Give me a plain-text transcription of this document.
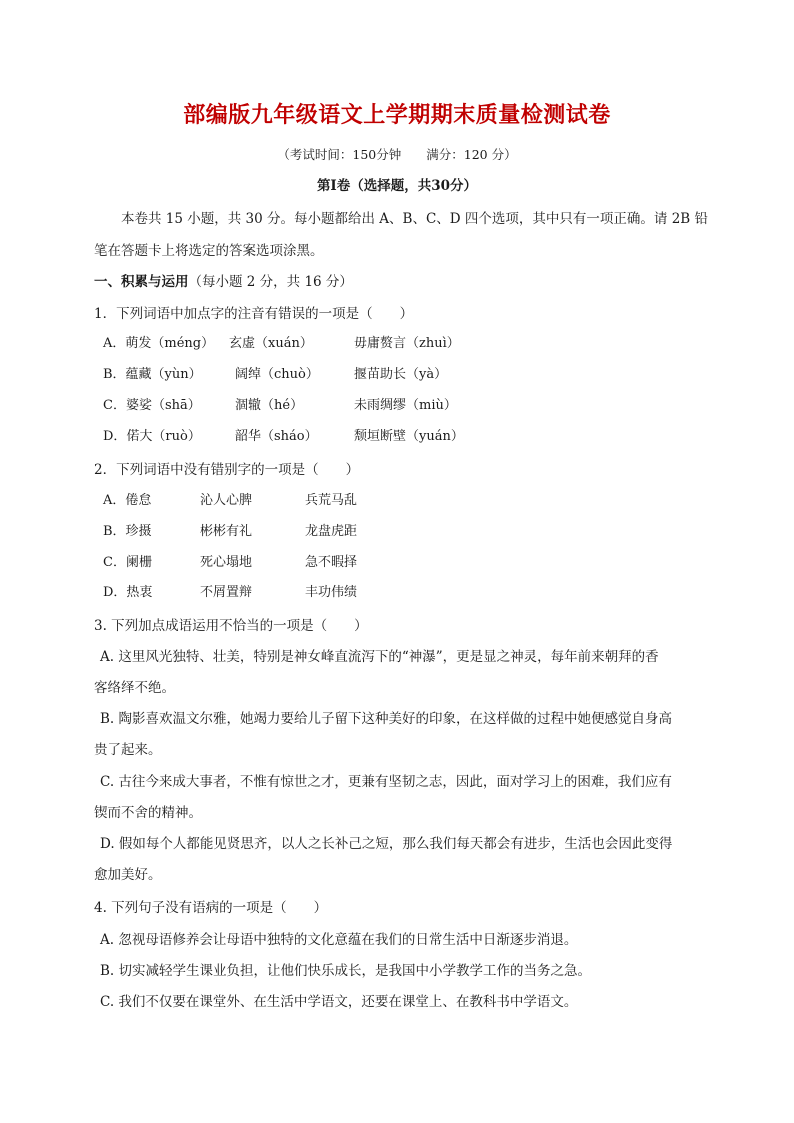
部编版九年级语文上学期期末质量检测试卷
（考试时间：150分钟　　满分：120 分）
第Ⅰ卷（选择题，共30分）
本卷共 15 小题，共 30 分。每小题都给出 A、B、C、D 四个选项，其中只有一项正确。请 2B 铅
笔在答题卡上将选定的答案选项涂黑。
一、积累与运用（每小题 2 分，共 16 分）
1．下列词语中加点字的注音有错误的一项是（　　）
A．萌发（méng） 玄虚（xuán）	毋庸赘言（zhuì）
B．蕴藏（yùn）	阔绰（chuò）	揠苗助长（yà）
C．婆娑（shā）	涸辙（hé）	未雨绸缪（miù）
D．偌大（ruò）	韶华（sháo）	颓垣断壁（yuán）
2．下列词语中没有错别字的一项是（　　）
A．倦怠	沁人心脾	兵荒马乱
B．珍摄	彬彬有礼	龙盘虎距
C．阑栅	死心塌地	急不暇择
D．热衷	不屑置辩	丰功伟绩
3. 下列加点成语运用不恰当的一项是（　　）
A. 这里风光独特、壮美，特别是神女峰直流泻下的“神瀑”，更是显之神灵，每年前来朝拜的香
客络绎不绝。
B. 陶影喜欢温文尔雅，她竭力要给儿子留下这种美好的印象，在这样做的过程中她便感觉自身高
贵了起来。
C. 古往今来成大事者，不惟有惊世之才，更兼有坚韧之志，因此，面对学习上的困难，我们应有
锲而不舍的精神。
D. 假如每个人都能见贤思齐，以人之长补己之短，那么我们每天都会有进步，生活也会因此变得
愈加美好。
4. 下列句子没有语病的一项是（　　）
A. 忽视母语修养会让母语中独特的文化意蕴在我们的日常生活中日渐逐步消退。
B. 切实减轻学生课业负担，让他们快乐成长，是我国中小学教学工作的当务之急。
C. 我们不仅要在课堂外、在生活中学语文，还要在课堂上、在教科书中学语文。
